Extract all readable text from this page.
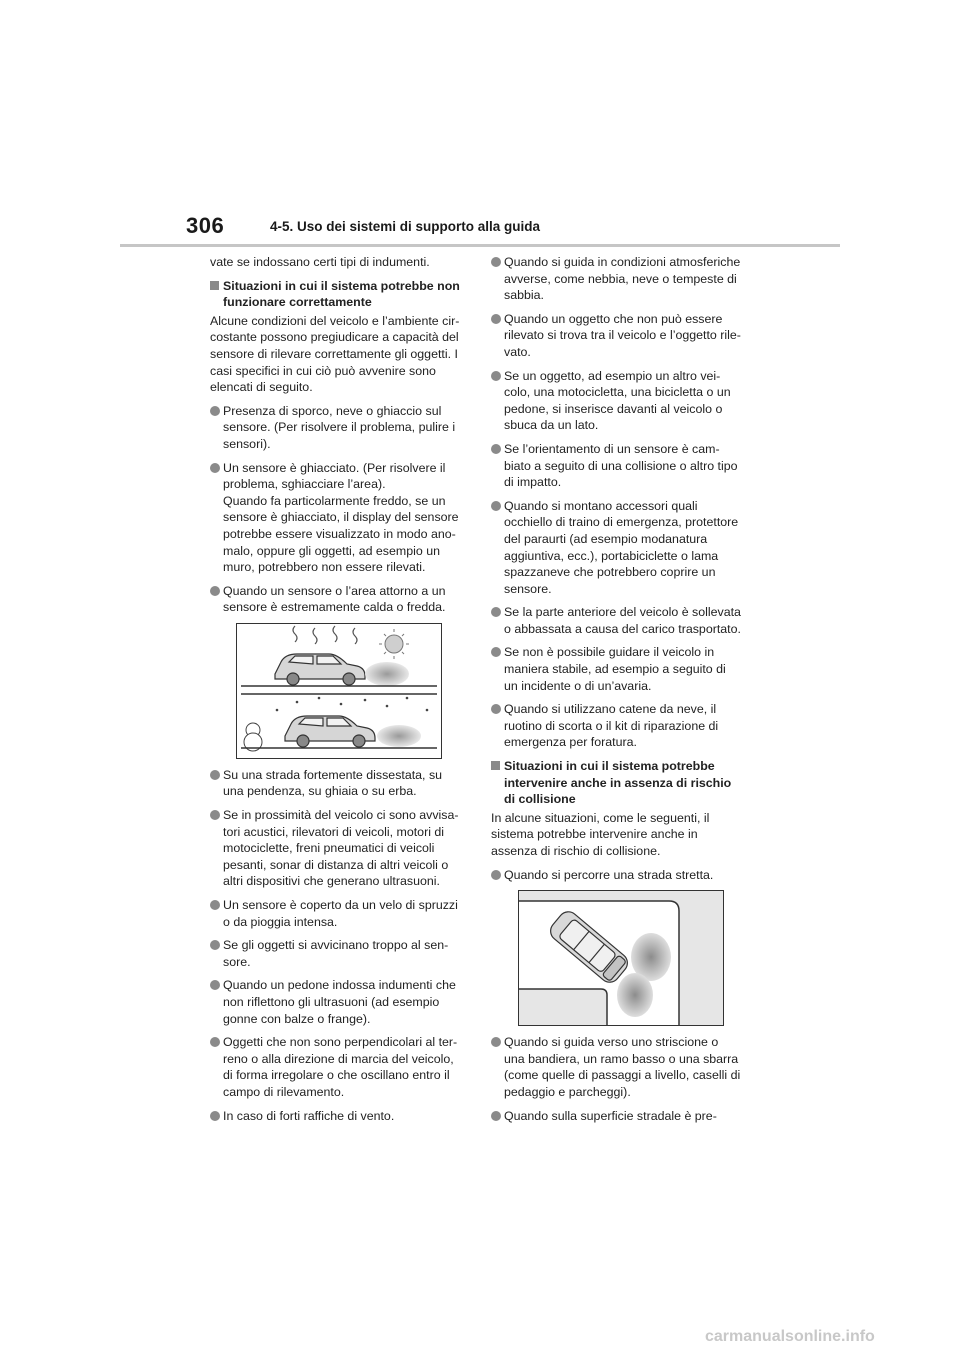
306	4-5. Uso dei sistemi di supporto alla guida

vate se indossano certi tipi di indumenti.

Situazioni in cui il sistema potrebbe non
funzionare correttamente

Alcune condizioni del veicolo e l’ambiente cir-
costante possono pregiudicare a capacità del
sensore di rilevare correttamente gli oggetti. I
casi specifici in cui ciò può avvenire sono
elencati di seguito.

Presenza di sporco, neve o ghiaccio sul
sensore. (Per risolvere il problema, pulire i
sensori).
Un sensore è ghiacciato. (Per risolvere il
problema, sghiacciare l’area).
Quando fa particolarmente freddo, se un
sensore è ghiacciato, il display del sensore
potrebbe essere visualizzato in modo ano-
malo, oppure gli oggetti, ad esempio un
muro, potrebbero non essere rilevati.
Quando un sensore o l’area attorno a un
sensore è estremamente calda o fredda.
Su una strada fortemente dissestata, su
una pendenza, su ghiaia o su erba.
Se in prossimità del veicolo ci sono avvisa-
tori acustici, rilevatori di veicoli, motori di
motociclette, freni pneumatici di veicoli
pesanti, sonar di distanza di altri veicoli o
altri dispositivi che generano ultrasuoni.
Un sensore è coperto da un velo di spruzzi
o da pioggia intensa.
Se gli oggetti si avvicinano troppo al sen-
sore.
Quando un pedone indossa indumenti che
non riflettono gli ultrasuoni (ad esempio
gonne con balze o frange).
Oggetti che non sono perpendicolari al ter-
reno o alla direzione di marcia del veicolo,
di forma irregolare o che oscillano entro il
campo di rilevamento.
In caso di forti raffiche di vento.
Quando si guida in condizioni atmosferiche
avverse, come nebbia, neve o tempeste di
sabbia.
Quando un oggetto che non può essere
rilevato si trova tra il veicolo e l’oggetto rile-
vato.
Se un oggetto, ad esempio un altro vei-
colo, una motocicletta, una bicicletta o un
pedone, si inserisce davanti al veicolo o
sbuca da un lato.
Se l’orientamento di un sensore è cam-
biato a seguito di una collisione o altro tipo
di impatto.
Quando si montano accessori quali
occhiello di traino di emergenza, protettore
del paraurti (ad esempio modanatura
aggiuntiva, ecc.), portabiciclette o lama
spazzaneve che potrebbero coprire un
sensore.
Se la parte anteriore del veicolo è sollevata
o abbassata a causa del carico trasportato.
Se non è possibile guidare il veicolo in
maniera stabile, ad esempio a seguito di
un incidente o di un’avaria.
Quando si utilizzano catene da neve, il
ruotino di scorta o il kit di riparazione di
emergenza per foratura.
Situazioni in cui il sistema potrebbe
intervenire anche in assenza di rischio
di collisione

In alcune situazioni, come le seguenti, il
sistema potrebbe intervenire anche in
assenza di rischio di collisione.

Quando si percorre una strada stretta.
Quando si guida verso uno striscione o
una bandiera, un ramo basso o una sbarra
(come quelle di passaggi a livello, caselli di
pedaggio e parcheggi).
Quando sulla superficie stradale è pre-
carmanualsonline.info
